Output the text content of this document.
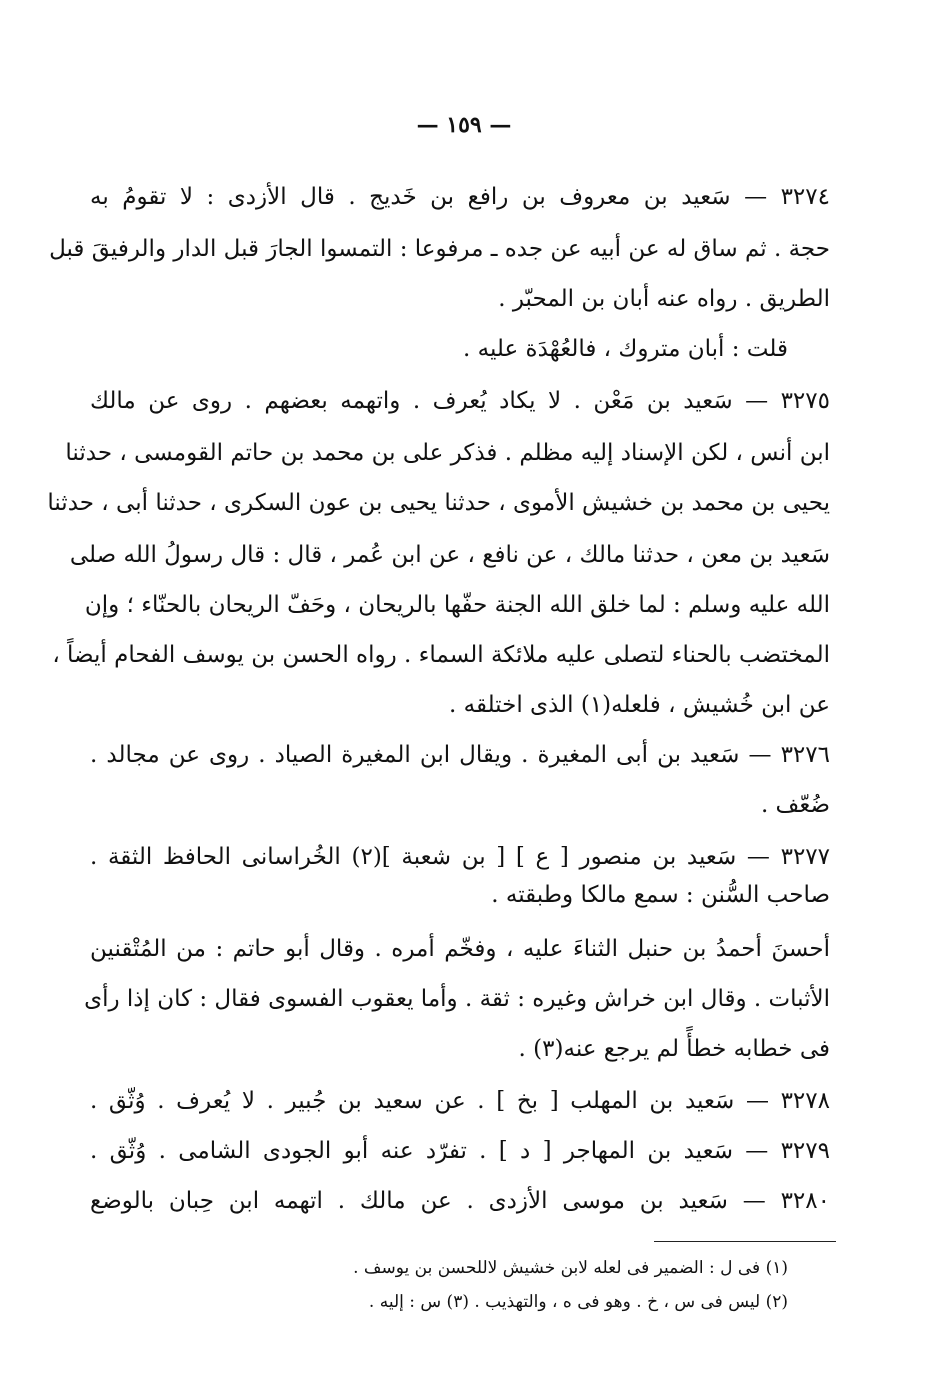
— ١٥٩ —
٣٢٧٤ — سَعيد بن معروف بن رافع بن خَديج . قال الأزدى : لا تقومُ به
حجة . ثم ساق له عن أبيه عن جده ـ مرفوعا : التمسوا الجارَ قبل الدار والرفيقَ قبل
الطريق . رواه عنه أبان بن المحبّر .
قلت : أبان متروك ، فالعُهْدَة عليه .
٣٢٧٥ — سَعيد بن مَعْن . لا يكاد يُعرف . واتهمه بعضهم . روى عن مالك
ابن أنس ، لكن الإسناد إليه مظلم . فذكر على بن محمد بن حاتم القومسى ، حدثنا
يحيى بن محمد بن خشيش الأموى ، حدثنا يحيى بن عون السكرى ، حدثنا أبى ، حدثنا
سَعيد بن معن ، حدثنا مالك ، عن نافع ، عن ابن عُمر ، قال : قال رسولُ الله صلى
الله عليه وسلم : لما خلق الله الجنة حفّها بالريحان ، وحَفّ الريحان بالحنّاء ؛ وإن
المختضب بالحناء لتصلى عليه ملائكة السماء . رواه الحسن بن يوسف الفحام أيضاً ،
عن ابن خُشيش ، فلعله(١) الذى اختلقه .
٣٢٧٦ — سَعيد بن أبى المغيرة . ويقال ابن المغيرة الصياد . روى عن مجالد .
ضُعّف .
٣٢٧٧ — سَعيد بن منصور [ ع ] [ بن شعبة ](٢) الخُراسانى الحافظ الثقة .
صاحب السُّنن : سمع مالكا وطبقته .
أحسنَ أحمدُ بن حنبل الثناءَ عليه ، وفخّم أمره . وقال أبو حاتم : من المُتْقنين
الأثبات . وقال ابن خراش وغيره : ثقة . وأما يعقوب الفسوى فقال : كان إذا رأى
فى خطابه خطأً لم يرجع عنه(٣) .
٣٢٧٨ — سَعيد بن المهلب [ بخ ] . عن سعيد بن جُبير . لا يُعرف . وُثّق .
٣٢٧٩ — سَعيد بن المهاجر [ د ] . تفرّد عنه أبو الجودى الشامى . وُثّق .
٣٢٨٠ — سَعيد بن موسى الأزدى . عن مالك . اتهمه ابن حِبان بالوضع
(١) فى ل : الضمير فى لعله لابن خشيش لاللحسن بن يوسف .
(٢) ليس فى س ، خ . وهو فى ه ، والتهذيب . (٣) س : إليه .
